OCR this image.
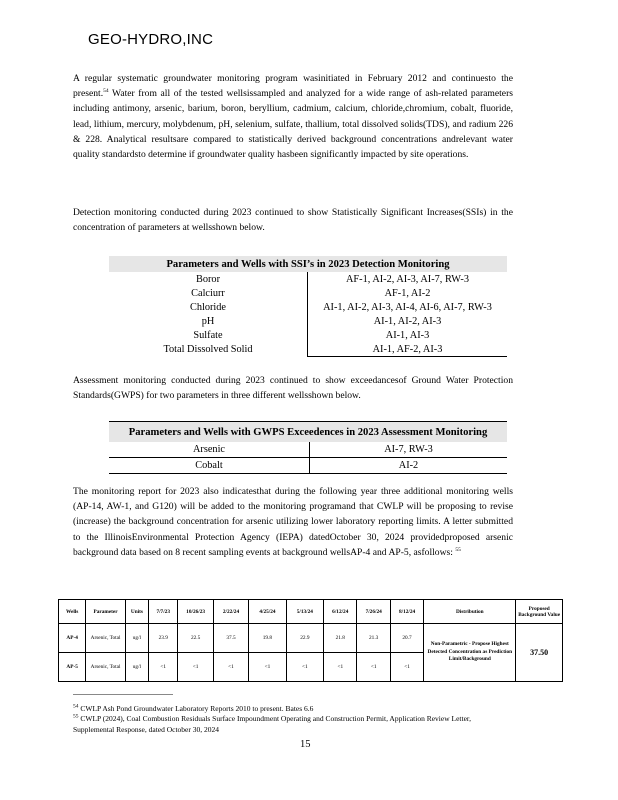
GEO-HYDRO,INC
A regular systematic groundwater monitoring program wasinitiated in February 2012 and continuesto the present.$^{54}$ Water from all of the tested wellsissampled and analyzed for a wide range of ash-related parameters including antimony, arsenic, barium, boron, beryllium, cadmium, calcium, chloride,chromium, cobalt, fluoride, lead, lithium, mercury, molybdenum, pH, selenium, sulfate, thallium, total dissolved solids(TDS), and radium 226 & 228. Analytical resultsare compared to statistically derived background concentrations andrelevant water quality standardsto determine if groundwater quality hasbeen significantly impacted by site operations.
Detection monitoring conducted during 2023 continued to show Statistically Significant Increases(SSIs) in the concentration of parameters at wellsshown below.
Parameters and Wells with SSI’s in 2023 Detection Monitoring	
Boror	AF-1, AI-2, AI-3, AI-7, RW-3
Calciurr	AF-1, AI-2
Chloride	AI-1, AI-2, AI-3, AI-4, AI-6, AI-7, RW-3
pH	AI-1, AI-2, AI-3
Sulfate	AI-1, AI-3
Total Dissolved Solid	AI-1, AF-2, AI-3
Assessment monitoring conducted during 2023 continued to show exceedancesof Ground Water Protection Standards(GWPS) for two parameters in three different wellsshown below.
Parameters and Wells with GWPS Exceedences in 2023 Assessment Monitoring	
Arsenic	AI-7, RW-3
Cobalt	AI-2
The monitoring report for 2023 also indicatesthat during the following year three additional monitoring wells (AP-14, AW-1, and G120) will be added to the monitoring programand that CWLP will be proposing to revise (increase) the background concentration for arsenic utilizing lower laboratory reporting limits. A letter submitted to the IllinoisEnvironmental Protection Agency (IEPA) datedOctober 30, 2024 providedproposed arsenic background data based on 8 recent sampling events at background wellsAP-4 and AP-5, asfollows: $^{55}$
Wells	Parameter	Units	7/7/23	10/26/23	2/22/24	4/25/24	5/13/24	6/12/24	7/26/24	8/12/24	Distribution	Proposed Background Value
AP-4	Arsenic, Total	ug/l	23.9	22.5	37.5	19.8	22.9	21.8	21.3	20.7	Non-Parametric - Propose Highest Detected Concentration as Prediction Limit/Background	37.50
AP-5	Arsenic, Total	ug/l	<1	<1	<1	<1	<1	<1	<1	<1		
$^{54}$ CWLP Ash Pond Groundwater Laboratory Reports 2010 to present. Bates 6.6
$^{55}$ CWLP (2024), Coal Combustion Residuals Surface Impoundment Operating and Construction Permit, Application Review Letter, Supplemental Response, dated October 30, 2024
15
